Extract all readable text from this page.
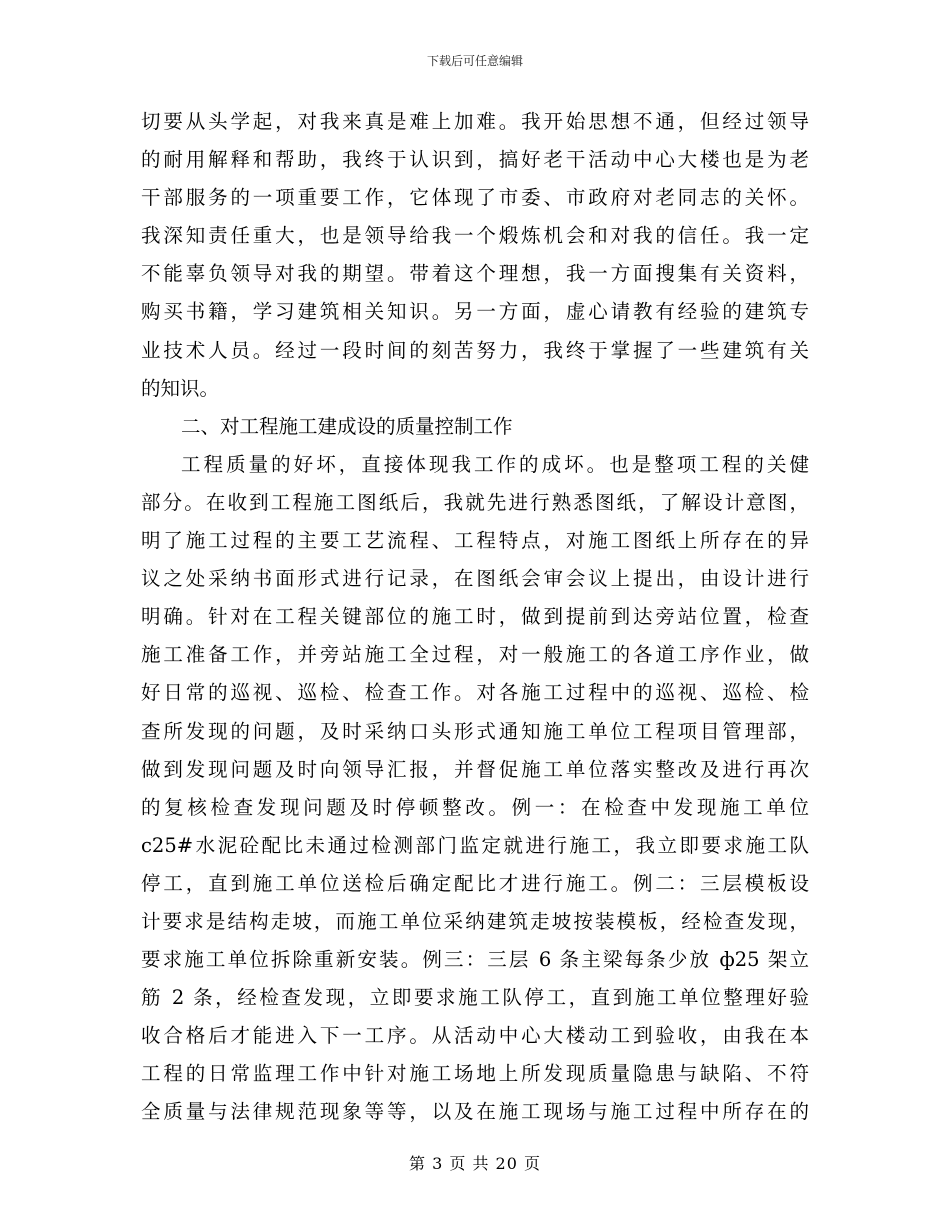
下载后可任意编辑
切要从头学起，对我来真是难上加难。我开始思想不通，但经过领导
的耐用解释和帮助，我终于认识到，搞好老干活动中心大楼也是为老
干部服务的一项重要工作，它体现了市委、市政府对老同志的关怀。
我深知责任重大，也是领导给我一个煅炼机会和对我的信任。我一定
不能辜负领导对我的期望。带着这个理想，我一方面搜集有关资料，
购买书籍，学习建筑相关知识。另一方面，虚心请教有经验的建筑专
业技术人员。经过一段时间的刻苦努力，我终于掌握了一些建筑有关
的知识。
二、对工程施工建成设的质量控制工作
工程质量的好坏，直接体现我工作的成坏。也是整项工程的关健
部分。在收到工程施工图纸后，我就先进行熟悉图纸，了解设计意图，
明了施工过程的主要工艺流程、工程特点，对施工图纸上所存在的异
议之处采纳书面形式进行记录，在图纸会审会议上提出，由设计进行
明确。针对在工程关键部位的施工时，做到提前到达旁站位置，检查
施工准备工作，并旁站施工全过程，对一般施工的各道工序作业，做
好日常的巡视、巡检、检查工作。对各施工过程中的巡视、巡检、检
查所发现的问题，及时采纳口头形式通知施工单位工程项目管理部，
做到发现问题及时向领导汇报，并督促施工单位落实整改及进行再次
的复核检查发现问题及时停顿整改。例一：在检查中发现施工单位
c25#水泥砼配比未通过检测部门监定就进行施工，我立即要求施工队
停工，直到施工单位送检后确定配比才进行施工。例二：三层模板设
计要求是结构走坡，而施工单位采纳建筑走坡按装模板，经检查发现，
要求施工单位拆除重新安装。例三：三层 6 条主梁每条少放 ф25 架立
筋 2 条，经检查发现，立即要求施工队停工，直到施工单位整理好验
收合格后才能进入下一工序。从活动中心大楼动工到验收，由我在本
工程的日常监理工作中针对施工场地上所发现质量隐患与缺陷、不符
全质量与法律规范现象等等，以及在施工现场与施工过程中所存在的
第 3 页 共 20 页
